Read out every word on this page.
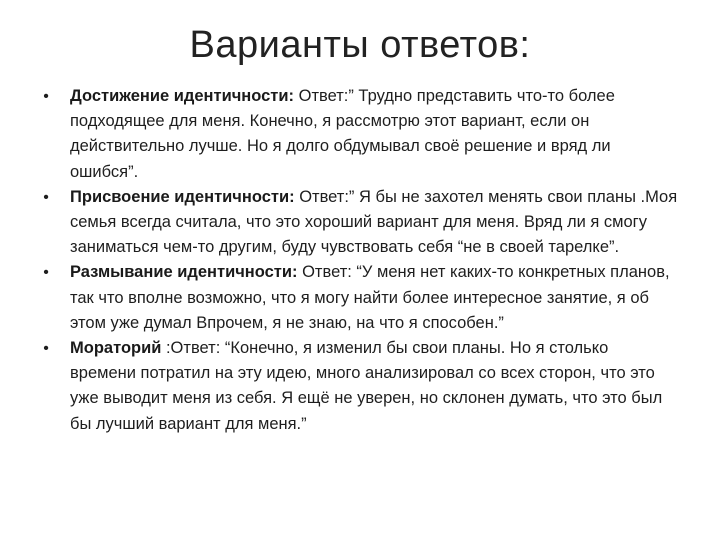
Варианты ответов:
•	Достижение идентичности: Ответ:” Трудно представить что-то более подходящее для меня. Конечно, я рассмотрю этот вариант, если он действительно лучше. Но я долго обдумывал своё решение и вряд ли ошибся”.
•	Присвоение идентичности: Ответ:” Я бы не захотел менять свои планы .Моя семья всегда считала, что это хороший вариант для меня. Вряд ли я смогу заниматься чем-то другим, буду чувствовать себя “не в своей тарелке”.
•	Размывание идентичности: Ответ: “У меня нет каких-то конкретных планов, так что вполне возможно, что я могу найти более интересное занятие, я об этом уже думал Впрочем, я не знаю, на что я способен.”
•	Мораторий :Ответ: “Конечно, я изменил бы свои планы. Но я столько времени потратил на эту идею, много анализировал со всех сторон, что это уже выводит меня из себя. Я ещё не уверен, но склонен думать, что это был бы лучший вариант для меня.”
